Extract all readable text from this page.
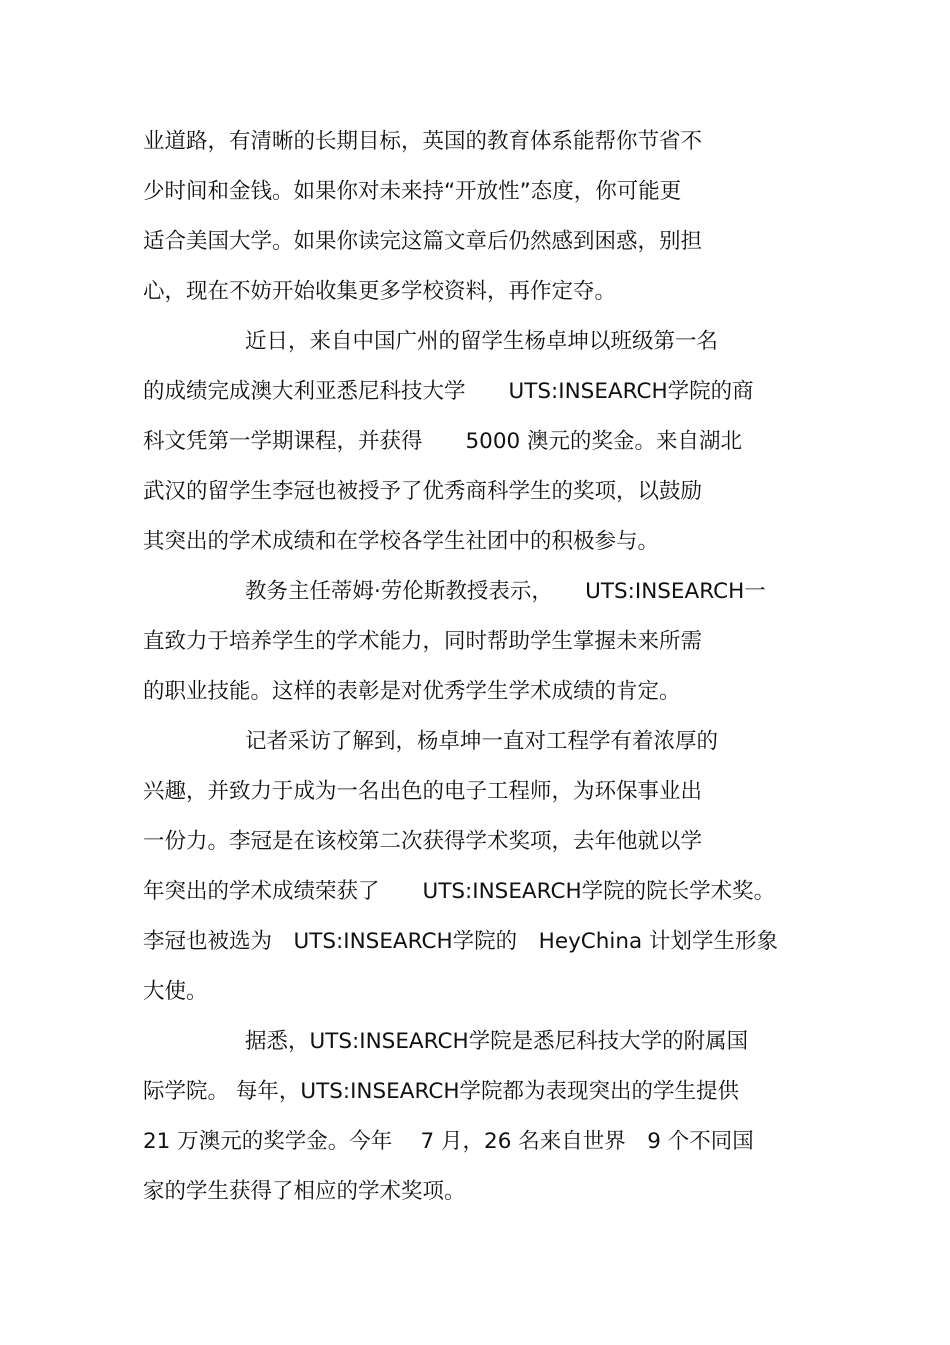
业道路，有清晰的长期目标，英国的教育体系能帮你节省不
少时间和金钱。如果你对未来持“开放性”态度，你可能更
适合美国大学。如果你读完这篇文章后仍然感到困惑，别担
心，现在不妨开始收集更多学校资料，再作定夺。
近日，来自中国广州的留学生杨卓坤以班级第一名
的成绩完成澳大利亚悉尼科技大学　　UTS:INSEARCH学院的商
科文凭第一学期课程，并获得　　5000 澳元的奖金。来自湖北
武汉的留学生李冠也被授予了优秀商科学生的奖项，以鼓励
其突出的学术成绩和在学校各学生社团中的积极参与。
教务主任蒂姆·劳伦斯教授表示，　　UTS:INSEARCH一
直致力于培养学生的学术能力，同时帮助学生掌握未来所需
的职业技能。这样的表彰是对优秀学生学术成绩的肯定。
记者采访了解到，杨卓坤一直对工程学有着浓厚的
兴趣，并致力于成为一名出色的电子工程师，为环保事业出
一份力。李冠是在该校第二次获得学术奖项，去年他就以学
年突出的学术成绩荣获了　　UTS:INSEARCH学院的院长学术奖。
李冠也被选为　UTS:INSEARCH学院的　HeyChina 计划学生形象
大使。
据悉，UTS:INSEARCH学院是悉尼科技大学的附属国
际学院。 每年，UTS:INSEARCH学院都为表现突出的学生提供
21 万澳元的奖学金。今年　 7 月，26 名来自世界　9 个不同国
家的学生获得了相应的学术奖项。
